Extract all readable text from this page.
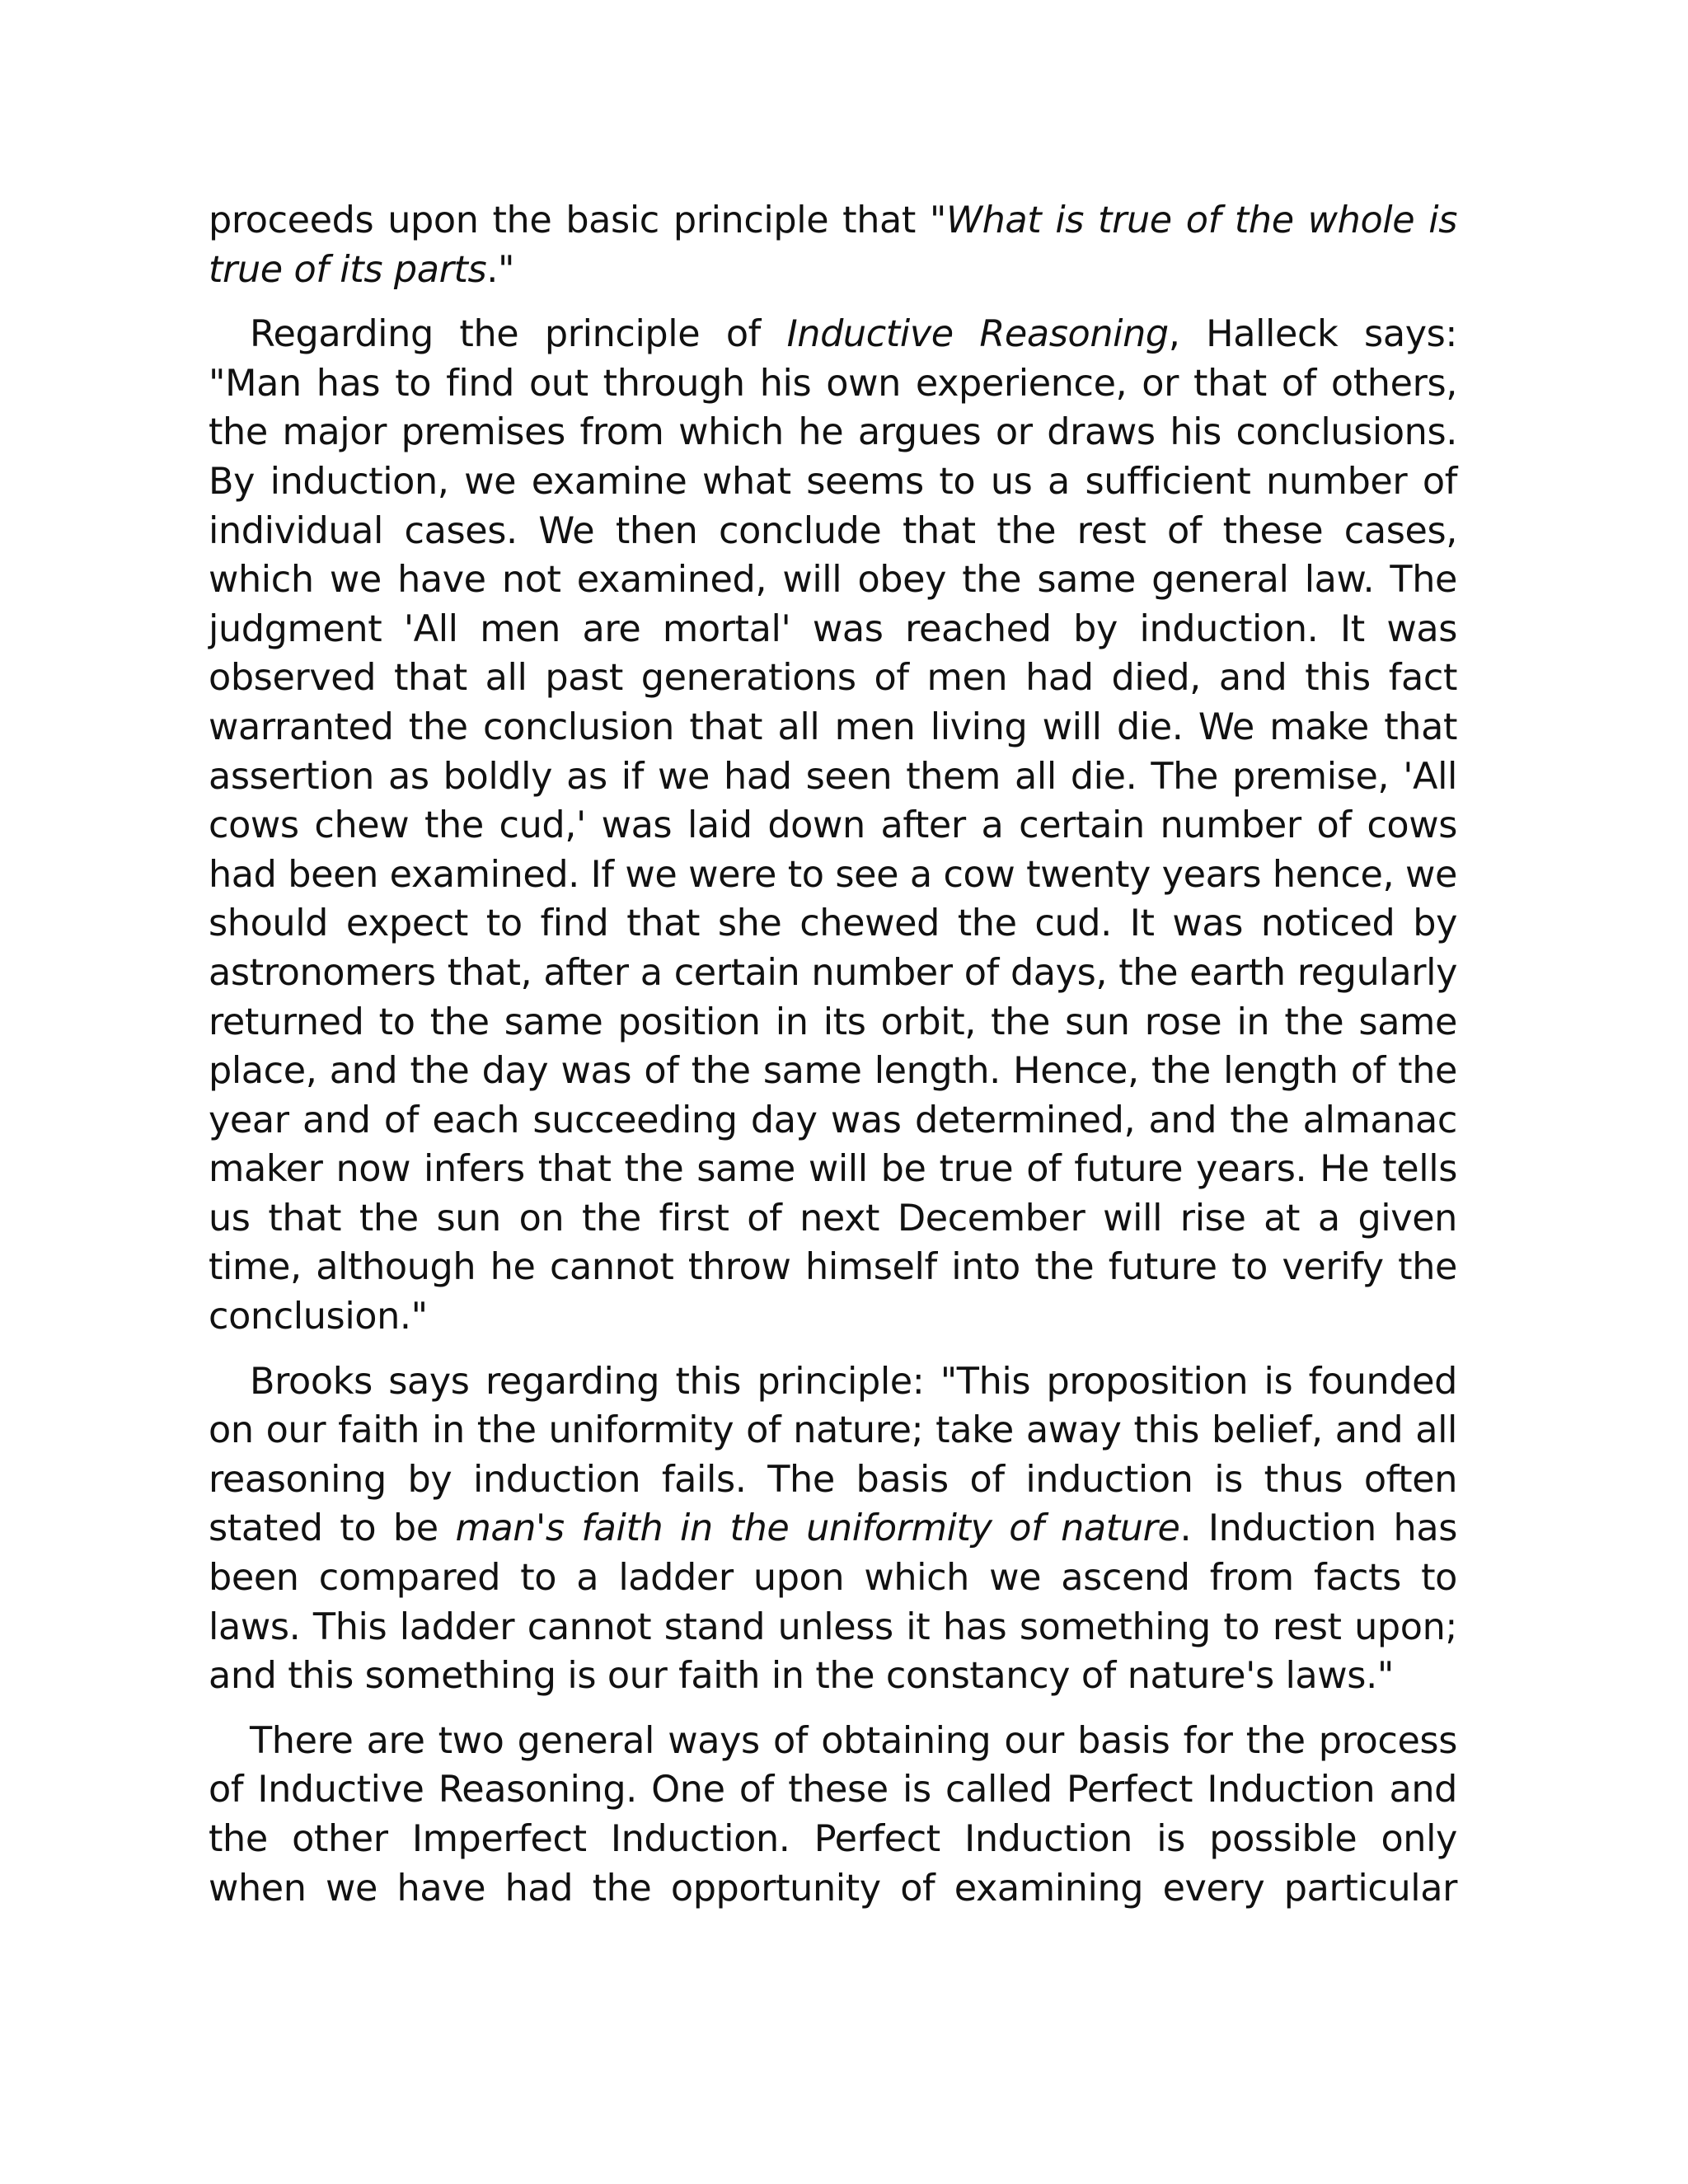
proceeds upon the basic principle that "What is true of the whole is true of its parts."

Regarding the principle of Inductive Reasoning, Halleck says: "Man has to find out through his own experience, or that of others, the major premises from which he argues or draws his conclusions. By induction, we examine what seems to us a sufficient number of individual cases. We then conclude that the rest of these cases, which we have not examined, will obey the same general law. The judgment 'All men are mortal' was reached by induction. It was observed that all past generations of men had died, and this fact warranted the conclusion that all men living will die. We make that assertion as boldly as if we had seen them all die. The premise, 'All cows chew the cud,' was laid down after a certain number of cows had been examined. If we were to see a cow twenty years hence, we should expect to find that she chewed the cud. It was noticed by astronomers that, after a certain number of days, the earth regularly returned to the same position in its orbit, the sun rose in the same place, and the day was of the same length. Hence, the length of the year and of each succeeding day was determined, and the almanac maker now infers that the same will be true of future years. He tells us that the sun on the first of next December will rise at a given time, although he cannot throw himself into the future to verify the conclusion."

Brooks says regarding this principle: "This proposition is founded on our faith in the uniformity of nature; take away this belief, and all reasoning by induction fails. The basis of induction is thus often stated to be man's faith in the uniformity of nature. Induction has been compared to a ladder upon which we ascend from facts to laws. This ladder cannot stand unless it has something to rest upon; and this something is our faith in the constancy of nature's laws."

There are two general ways of obtaining our basis for the process of Inductive Reasoning. One of these is called Perfect Induction and the other Imperfect Induction. Perfect Induction is possible only when we have had the opportunity of examining every particular
